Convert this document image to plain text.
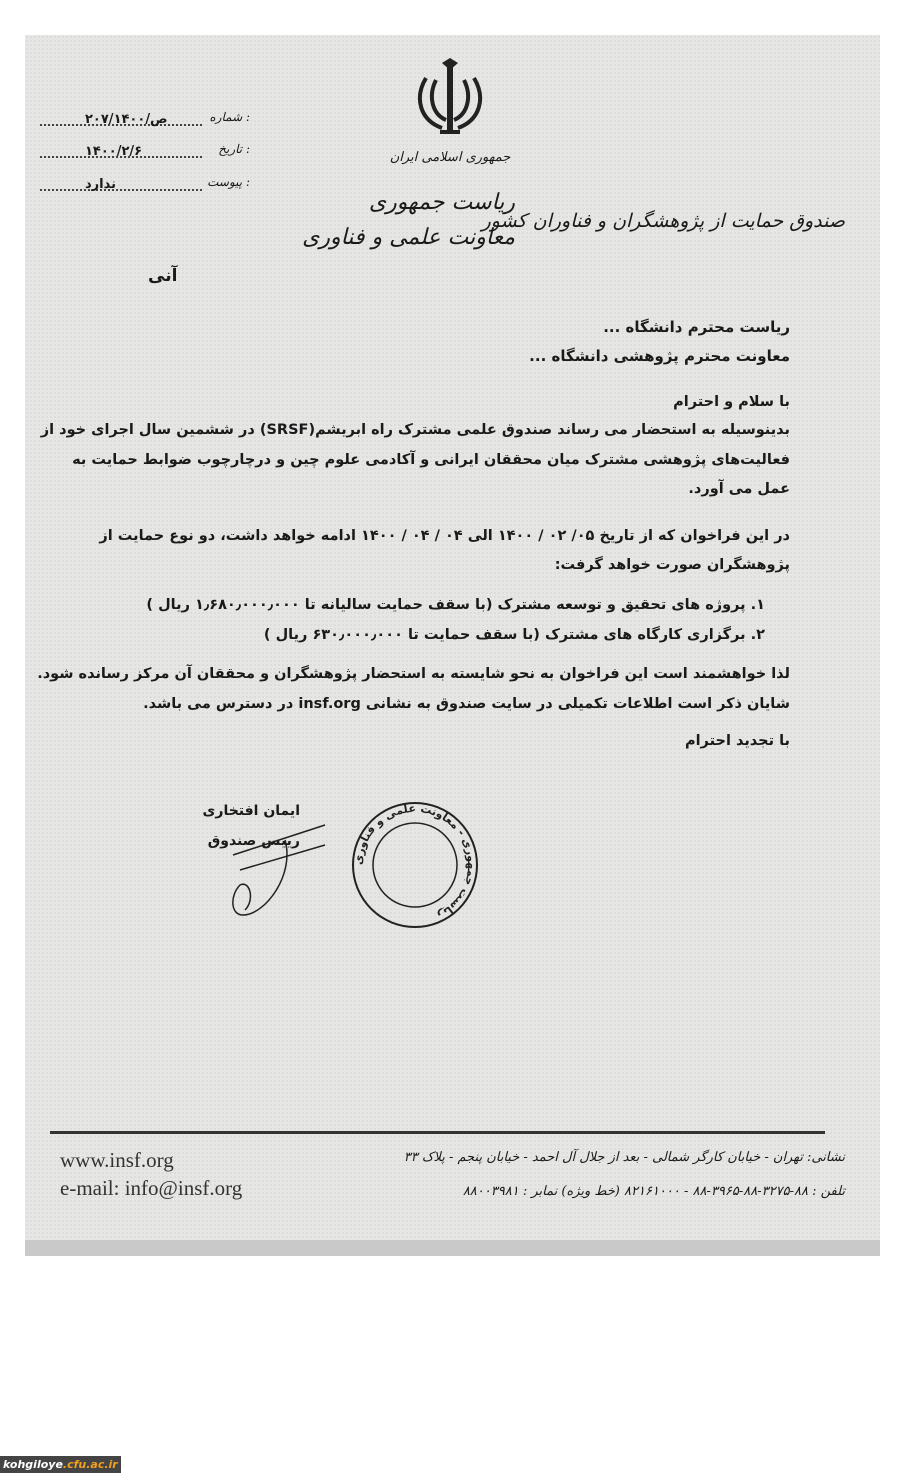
جمهوری اسلامی ایران
ریاست جمهوری
معاونت علمی و فناوری
صندوق حمایت از پژوهشگران و فناوران کشور
شماره :
۲۰۷/ص/۱۴۰۰
تاریخ :
۱۴۰۰/۲/۶
پیوست :
ندارد
آنی
ریاست محترم دانشگاه ...
معاونت محترم پژوهشی دانشگاه ...
با سلام و احترام
بدینوسیله به استحضار می رساند صندوق علمی مشترک راه ابریشم(SRSF) در ششمین سال اجرای خود از
فعالیت‌های پژوهشی مشترک میان محققان ایرانی و آکادمی علوم چین و درچارچوب ضوابط حمایت به
عمل می آورد.
در این فراخوان که از تاریخ ۰۵/ ۰۲ / ۱۴۰۰ الی ۰۴ / ۰۴ / ۱۴۰۰ ادامه خواهد داشت، دو نوع حمایت از
پژوهشگران صورت خواهد گرفت:
۱. پروژه های تحقیق و توسعه مشترک (با سقف حمایت سالیانه تا ۱٫۶۸۰٫۰۰۰٫۰۰۰ ریال )
۲. برگزاری کارگاه های مشترک (با سقف حمایت تا ۶۳۰٫۰۰۰٫۰۰۰ ریال )
لذا خواهشمند است این فراخوان به نحو شایسته به استحضار پژوهشگران و محققان آن مرکز رسانده شود.
شایان ذکر است اطلاعات تکمیلی در سایت صندوق به نشانی insf.org در دسترس می باشد.
با تجدید احترام
ایمان افتخاری
رییس صندوق
ریاست جمهوری - معاونت علمی و فناوری
www.insf.org
e-mail: info@insf.org
نشانی: تهران - خیابان کارگر شمالی - بعد از جلال آل احمد - خیابان پنجم - پلاک ۳۳
تلفن : ۸۸-۳۲۷۵-۸۸-۳۹۶۵-۸۸ - ۸۲۱۶۱۰۰۰ (خط ویژه) نمابر : ۸۸۰۰۳۹۸۱
kohgiloye.cfu.ac.ir
